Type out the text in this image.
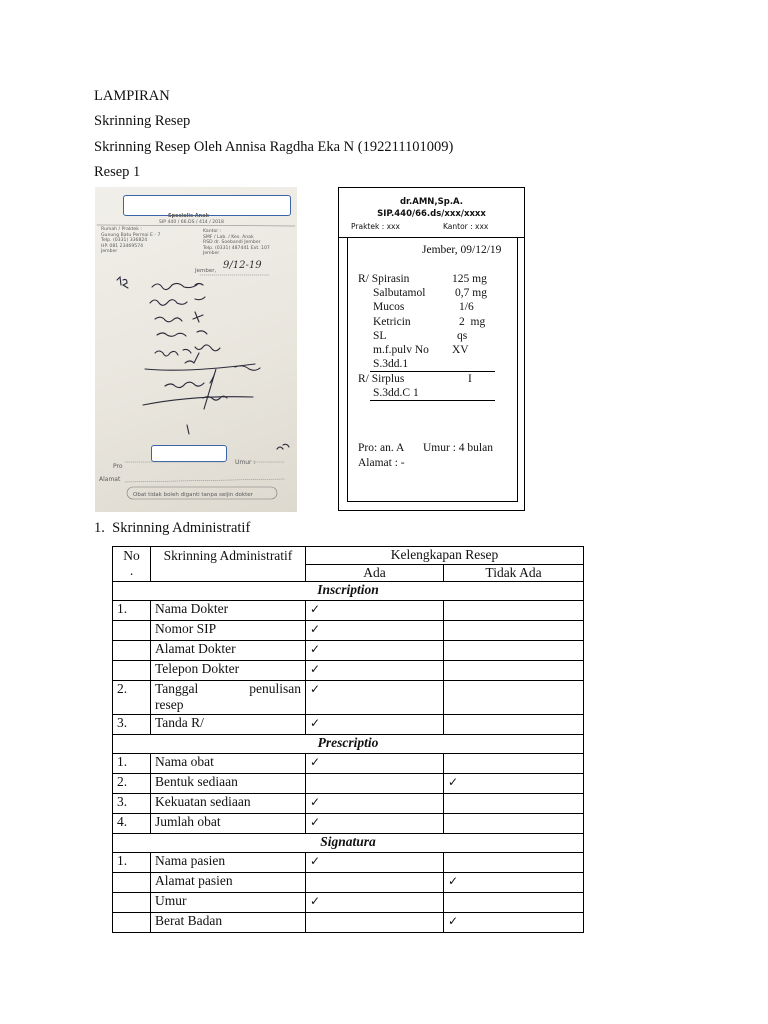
LAMPIRAN
Skrinning Resep
Skrinning Resep Oleh Annisa Ragdha Eka N (192211101009)
Resep 1
Spesialis Anak
SIP 440 / 66.DS / 414 / 2018
Rumah / Praktek :
Gunung Batu Permai E - 7
Telp. (0331) 336824
HP. 081 23469574
Jember
Kantor :
SMF / Lab. / Kes. Anak
RSD dr. Soebandi Jember
Telp. (0331) 487441 Ext. 107
Jember
Jember, 9/12-19
Pro
Umur :
Alamat
Obat tidak boleh diganti tanpa seijin dokter
dr.AMN,Sp.A.
SIP.440/66.ds/xxx/xxxx
Praktek : xxx	Kantor : xxx
Jember, 09/12/19
R/ Spirasin	125 mg
Salbutamol	0,7 mg
Mucos	1/6
Ketricin	2  mg
SL	qs
m.f.pulv No XV
S.3dd.1
R/ Sirplus	I
S.3dd.C 1
Pro: an. A Umur : 4 bulan
Alamat : -
1.  Skrinning Administratif
No
.	Skrinning Administratif	Kelengkapan Resep	
		Ada	Tidak Ada
Inscription			
1.	Nama Dokter	✓	
	Nomor SIP	✓	
	Alamat Dokter	✓	
	Telepon Dokter	✓	
2.	Tanggal penulisan
resep	✓	
3.	Tanda R/	✓	
Prescriptio			
1.	Nama obat	✓	
2.	Bentuk sediaan		✓
3.	Kekuatan sediaan	✓	
4.	Jumlah obat	✓	
Signatura			
1.	Nama pasien	✓	
	Alamat pasien		✓
	Umur	✓	
	Berat Badan		✓
